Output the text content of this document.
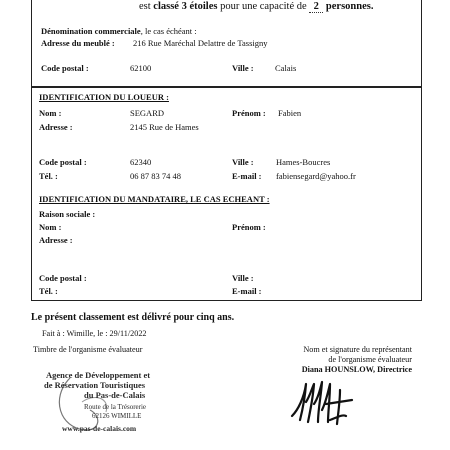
est classé 3 étoiles pour une capacité de 2 personnes.
Dénomination commerciale, le cas échéant :
Adresse du meublé : 216 Rue Maréchal Delattre de Tassigny
Code postal :	62100	Ville :	Calais
IDENTIFICATION DU LOUEUR :
Nom :	SEGARD	Prénom : Fabien
Adresse :	2145 Rue de Hames
Code postal :	62340	Ville :	Hames-Boucres
Tél. :	06 87 83 74 48	E-mail : fabiensegard@yahoo.fr
IDENTIFICATION DU MANDATAIRE, LE CAS ECHEANT :
Raison sociale :
Nom :	Prénom :
Adresse :
Code postal :	Ville :
Tél. :	E-mail :
Le présent classement est délivré pour cinq ans.
Fait à : Wimille, le : 29/11/2022
Timbre de l'organisme évaluateur	Nom et signature du représentant
de l'organisme évaluateur
Diana HOUNSLOW, Directrice
Agence de Développement et
de Réservation Touristiques
du Pas-de-Calais
Route de la Trésorerie
62126 WIMILLE
www.pas-de-calais.com
